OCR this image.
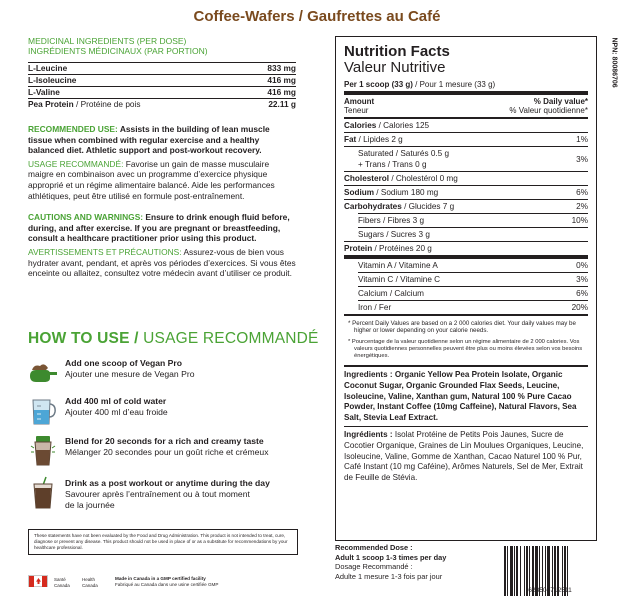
Coffee-Wafers / Gaufrettes au Café
MEDICINAL INGREDIENTS (PER DOSE)
INGRÉDIENTS MÉDICINAUX (PAR PORTION)
L-Leucine	833 mg
L-Isoleucine	416 mg
L-Valine	416 mg
Pea Protein / Protéine de pois	22.11 g
RECOMMENDED USE: Assists in the building of lean muscle tissue when combined with regular exercise and a healthy balanced diet. Athletic support and post-workout recovery.
USAGE RECOMMANDÉ: Favorise un gain de masse musculaire maigre en combinaison avec un programme d’exercice physique approprié et un régime alimentaire balancé. Aide les performances athlétiques, peut être utilisé en formule post-entraînement.
CAUTIONS AND WARNINGS: Ensure to drink enough fluid before, during, and after exercise. If you are pregnant or breastfeeding, consult a healthcare practitioner prior using this product.
AVERTISSEMENTS ET PRÉCAUTIONS: Assurez-vous de bien vous hydrater avant, pendant, et après vos périodes d’exercices. Si vous êtes enceinte ou allaitez, consultez votre médecin avant d’utiliser ce produit.
HOW TO USE / USAGE RECOMMANDÉ
Add one scoop of Vegan Pro
Ajouter une mesure de Vegan Pro
Add 400 ml of cold water
Ajouter 400 ml d’eau froide
Blend for 20 seconds for a rich and creamy taste
Mélanger 20 secondes pour un goût riche et crémeux
Drink as a post workout or anytime during the day
Savourer après l’entraînement ou à tout moment de la journée
These statements have not been evaluated by the Food and Drug Administration. This product is not intended to treat, cure, diagnose or prevent any disease. This product should not be used in place of or as a substitute for recommendations by your healthcare professional.
Santé
Canada
Health
Canada
Made in Canada in a GMP certified facility
Fabriqué au Canada dans une usine certifiée GMP
Nutrition Facts
Valeur Nutritive
Per 1 scoop (33 g) / Pour 1 mesure (33 g)
Amount
Teneur
% Daily value*
% Valeur quotidienne*
Calories / Calories 125
Fat / Lipides 2 g	1%
Saturated / Saturés 0.5 g
+ Trans / Trans 0 g
3%
Cholesterol / Cholestérol 0 mg
Sodium / Sodium 180 mg	6%
Carbohydrates / Glucides 7 g	2%
Fibers / Fibres 3 g	10%
Sugars / Sucres 3 g
Protein / Protéines 20 g
Vitamin A / Vitamine A	0%
Vitamin C / Vitamine C	3%
Calcium / Calcium	6%
Iron / Fer	20%
* Percent Daily Values are based on a 2 000 calories diet. Your daily values may be higher or lower depending on your calorie needs.
* Pourcentage de la valeur quotidienne selon un régime alimentaire de 2 000 calories. Vos valeurs quotidiennes personnelles peuvent être plus ou moins élevées selon vos besoins énergétiques.
Ingredients : Organic Yellow Pea Protein Isolate, Organic Coconut Sugar, Organic Grounded Flax Seeds, Leucine, Isoleucine, Valine, Xanthan gum, Natural 100 % Pure Cacao Powder, Instant Coffee (10mg Caffeine), Natural Flavors, Sea Salt, Stevia Leaf Extract.
Ingrédients : Isolat Protéine de Petits Pois Jaunes, Sucre de Cocotier Organique, Graines de Lin Moulues Organiques, Leucine, Isoleucine, Valine, Gomme de Xanthan, Cacao Naturel 100 % Pur, Café Instant (10 mg Caféine), Arômes Naturels, Sel de Mer, Extrait de Feuille de Stévia.
NPN: 80086706
Recommended Dose :
Adult 1 scoop 1-3 times per day
Dosage Recommandé :
Adulte 1 mesure 1-3 fois par jour
628504712511
